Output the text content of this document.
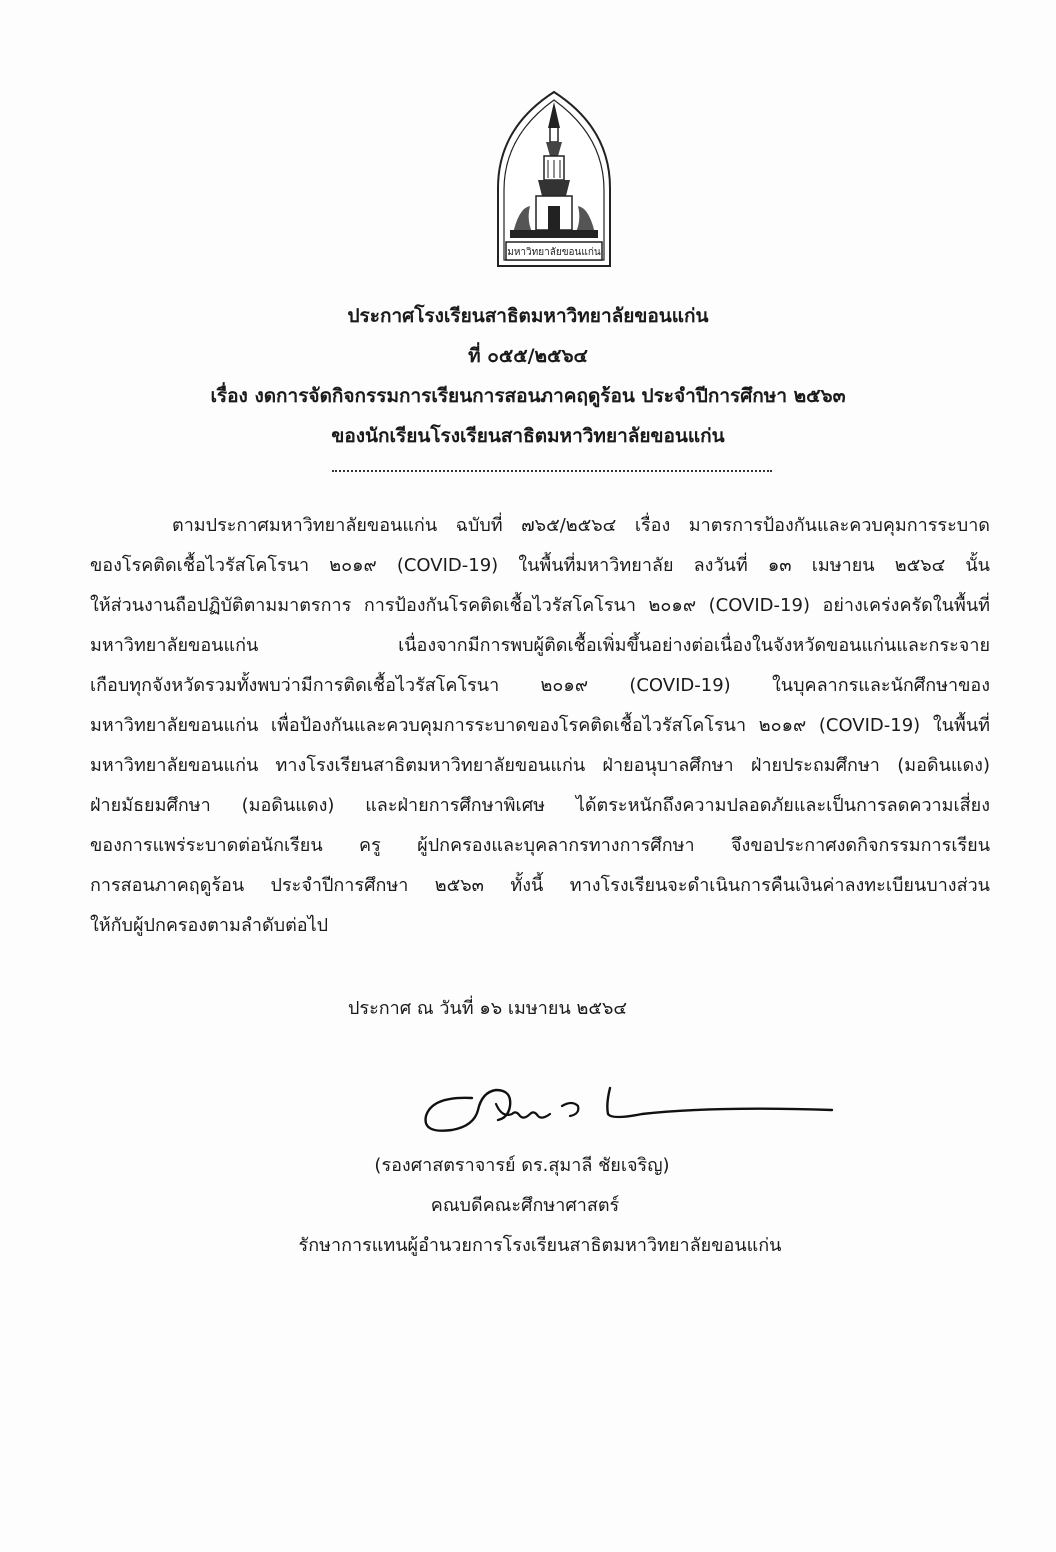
มหาวิทยาลัยขอนแก่น
ประกาศโรงเรียนสาธิตมหาวิทยาลัยขอนแก่น
ที่ ๐๕๕/๒๕๖๔
เรื่อง งดการจัดกิจกรรมการเรียนการสอนภาคฤดูร้อน ประจำปีการศึกษา ๒๕๖๓
ของนักเรียนโรงเรียนสาธิตมหาวิทยาลัยขอนแก่น
ตามประกาศมหาวิทยาลัยขอนแก่น ฉบับที่ ๗๖๕/๒๕๖๔ เรื่อง มาตรการป้องกันและควบคุมการระบาด
ของโรคติดเชื้อไวรัสโคโรนา ๒๐๑๙ (COVID-19) ในพื้นที่มหาวิทยาลัย ลงวันที่ ๑๓ เมษายน ๒๕๖๔ นั้น
ให้ส่วนงานถือปฏิบัติตามมาตรการ การป้องกันโรคติดเชื้อไวรัสโคโรนา ๒๐๑๙ (COVID-19) อย่างเคร่งครัดในพื้นที่
มหาวิทยาลัยขอนแก่น เนื่องจากมีการพบผู้ติดเชื้อเพิ่มขึ้นอย่างต่อเนื่องในจังหวัดขอนแก่นและกระจาย
เกือบทุกจังหวัดรวมทั้งพบว่ามีการติดเชื้อไวรัสโคโรนา ๒๐๑๙ (COVID-19) ในบุคลากรและนักศึกษาของ
มหาวิทยาลัยขอนแก่น เพื่อป้องกันและควบคุมการระบาดของโรคติดเชื้อไวรัสโคโรนา ๒๐๑๙ (COVID-19) ในพื้นที่
มหาวิทยาลัยขอนแก่น ทางโรงเรียนสาธิตมหาวิทยาลัยขอนแก่น ฝ่ายอนุบาลศึกษา ฝ่ายประถมศึกษา (มอดินแดง)
ฝ่ายมัธยมศึกษา (มอดินแดง) และฝ่ายการศึกษาพิเศษ ได้ตระหนักถึงความปลอดภัยและเป็นการลดความเสี่ยง
ของการแพร่ระบาดต่อนักเรียน ครู ผู้ปกครองและบุคลากรทางการศึกษา จึงขอประกาศงดกิจกรรมการเรียน
การสอนภาคฤดูร้อน ประจำปีการศึกษา ๒๕๖๓ ทั้งนี้ ทางโรงเรียนจะดำเนินการคืนเงินค่าลงทะเบียนบางส่วน
ให้กับผู้ปกครองตามลำดับต่อไป
ประกาศ ณ วันที่ ๑๖ เมษายน ๒๕๖๔
(รองศาสตราจารย์ ดร.สุมาลี ชัยเจริญ)
คณบดีคณะศึกษาศาสตร์
รักษาการแทนผู้อำนวยการโรงเรียนสาธิตมหาวิทยาลัยขอนแก่น
